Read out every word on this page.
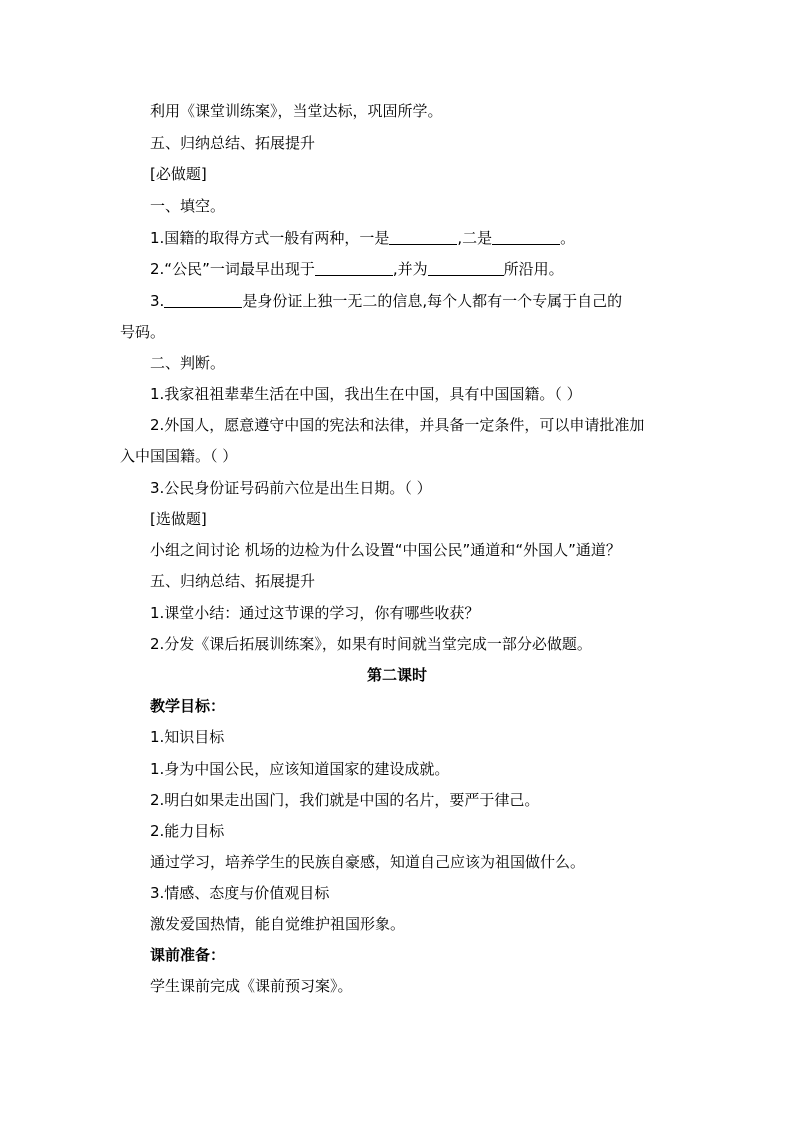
利用《课堂训练案》，当堂达标，巩固所学。
五、归纳总结、拓展提升
[必做题]
一、填空。
1.国籍的取得方式一般有两种，一是	,二是	。
2.“公民”一词最早出现于	,并为	所沿用。
3.	是身份证上独一无二的信息,每个人都有一个专属于自己的
号码。
二、判断。
1.我家祖祖辈辈生活在中国，我出生在中国，具有中国国籍。（ ）
2.外国人，愿意遵守中国的宪法和法律，并具备一定条件，可以申请批准加
入中国国籍。（ ）
3.公民身份证号码前六位是出生日期。（ ）
[选做题]
小组之间讨论 机场的边检为什么设置“中国公民”通道和“外国人”通道？
五、归纳总结、拓展提升
1.课堂小结：通过这节课的学习，你有哪些收获？
2.分发《课后拓展训练案》，如果有时间就当堂完成一部分必做题。
第二课时
教学目标：
1.知识目标
1.身为中国公民，应该知道国家的建设成就。
2.明白如果走出国门，我们就是中国的名片，要严于律己。
2.能力目标
通过学习，培养学生的民族自豪感，知道自己应该为祖国做什么。
3.情感、态度与价值观目标
激发爱国热情，能自觉维护祖国形象。
课前准备：
学生课前完成《课前预习案》。
